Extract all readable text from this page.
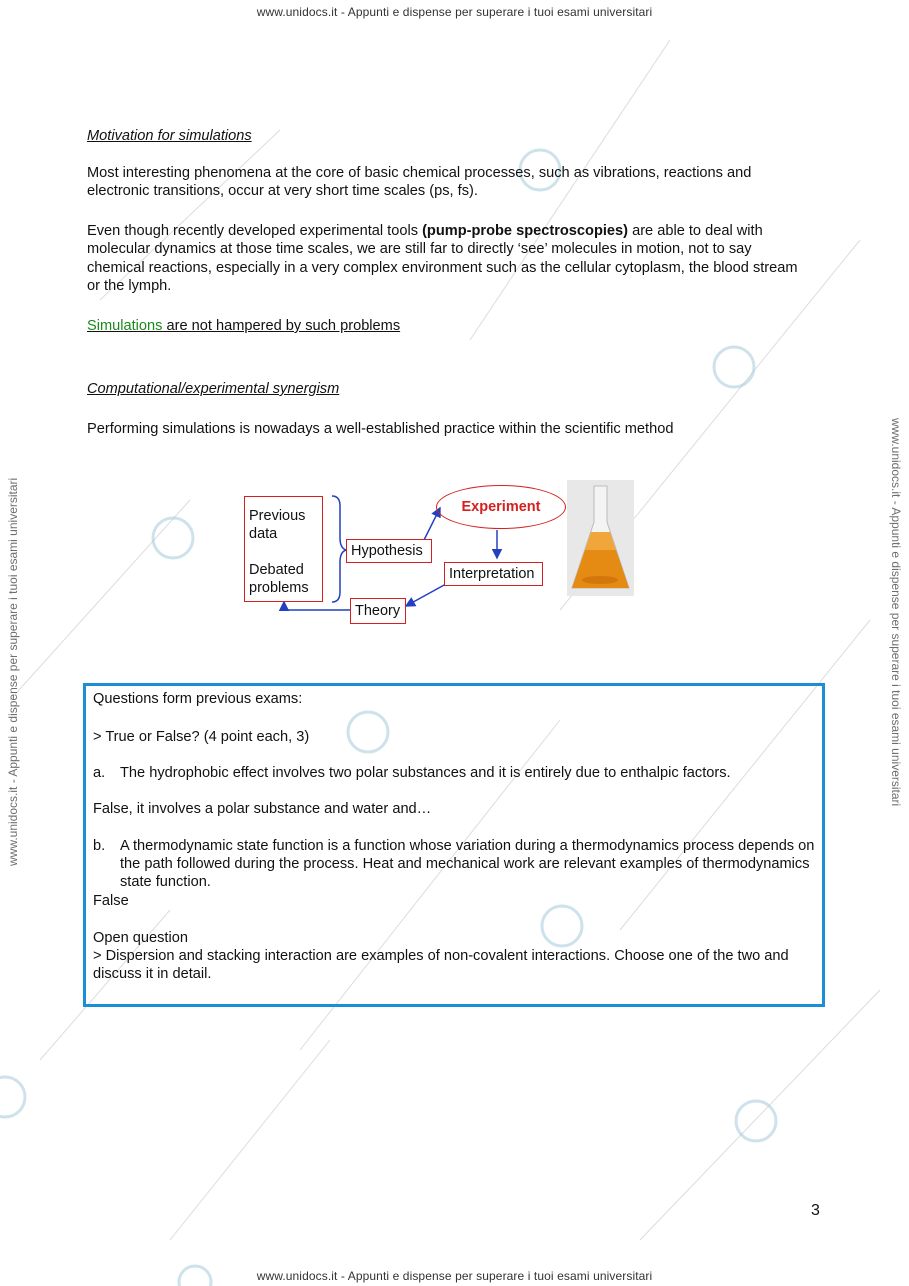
www.unidocs.it - Appunti e dispense per superare i tuoi esami universitari
www.unidocs.it - Appunti e dispense per superare i tuoi esami universitari
www.unidocs.it - Appunti e dispense per superare i tuoi esami universitari	www.unidocs.it - Appunti e dispense per superare i tuoi esami universitari
Motivation for simulations
Most interesting phenomena at the core of basic chemical processes, such as vibrations, reactions and electronic transitions, occur at very short time scales (ps, fs).
Even though recently developed experimental tools (pump-probe spectroscopies) are able to deal with molecular dynamics at those time scales, we are still far to directly ‘see’ molecules in motion, not to say chemical reactions, especially in a very complex environment such as the cellular cytoplasm, the blood stream or the lymph.
Simulations are not hampered by such problems
Computational/experimental synergism
Performing simulations is nowadays a well-established practice within the scientific method
Previous
data
Debated
problems
Hypothesis
Experiment
Interpretation
Theory
Questions form previous exams:
> True or False? (4 point each, 3)
a. The hydrophobic effect involves two polar substances and it is entirely due to enthalpic factors.
False, it involves a polar substance and water and…
b. A thermodynamic state function is a function whose variation during a thermodynamics process depends on the path followed during the process. Heat and mechanical work are relevant examples of thermodynamics state function.
False
Open question
> Dispersion and stacking interaction are examples of non-covalent interactions. Choose one of the two and discuss it in detail.
3
